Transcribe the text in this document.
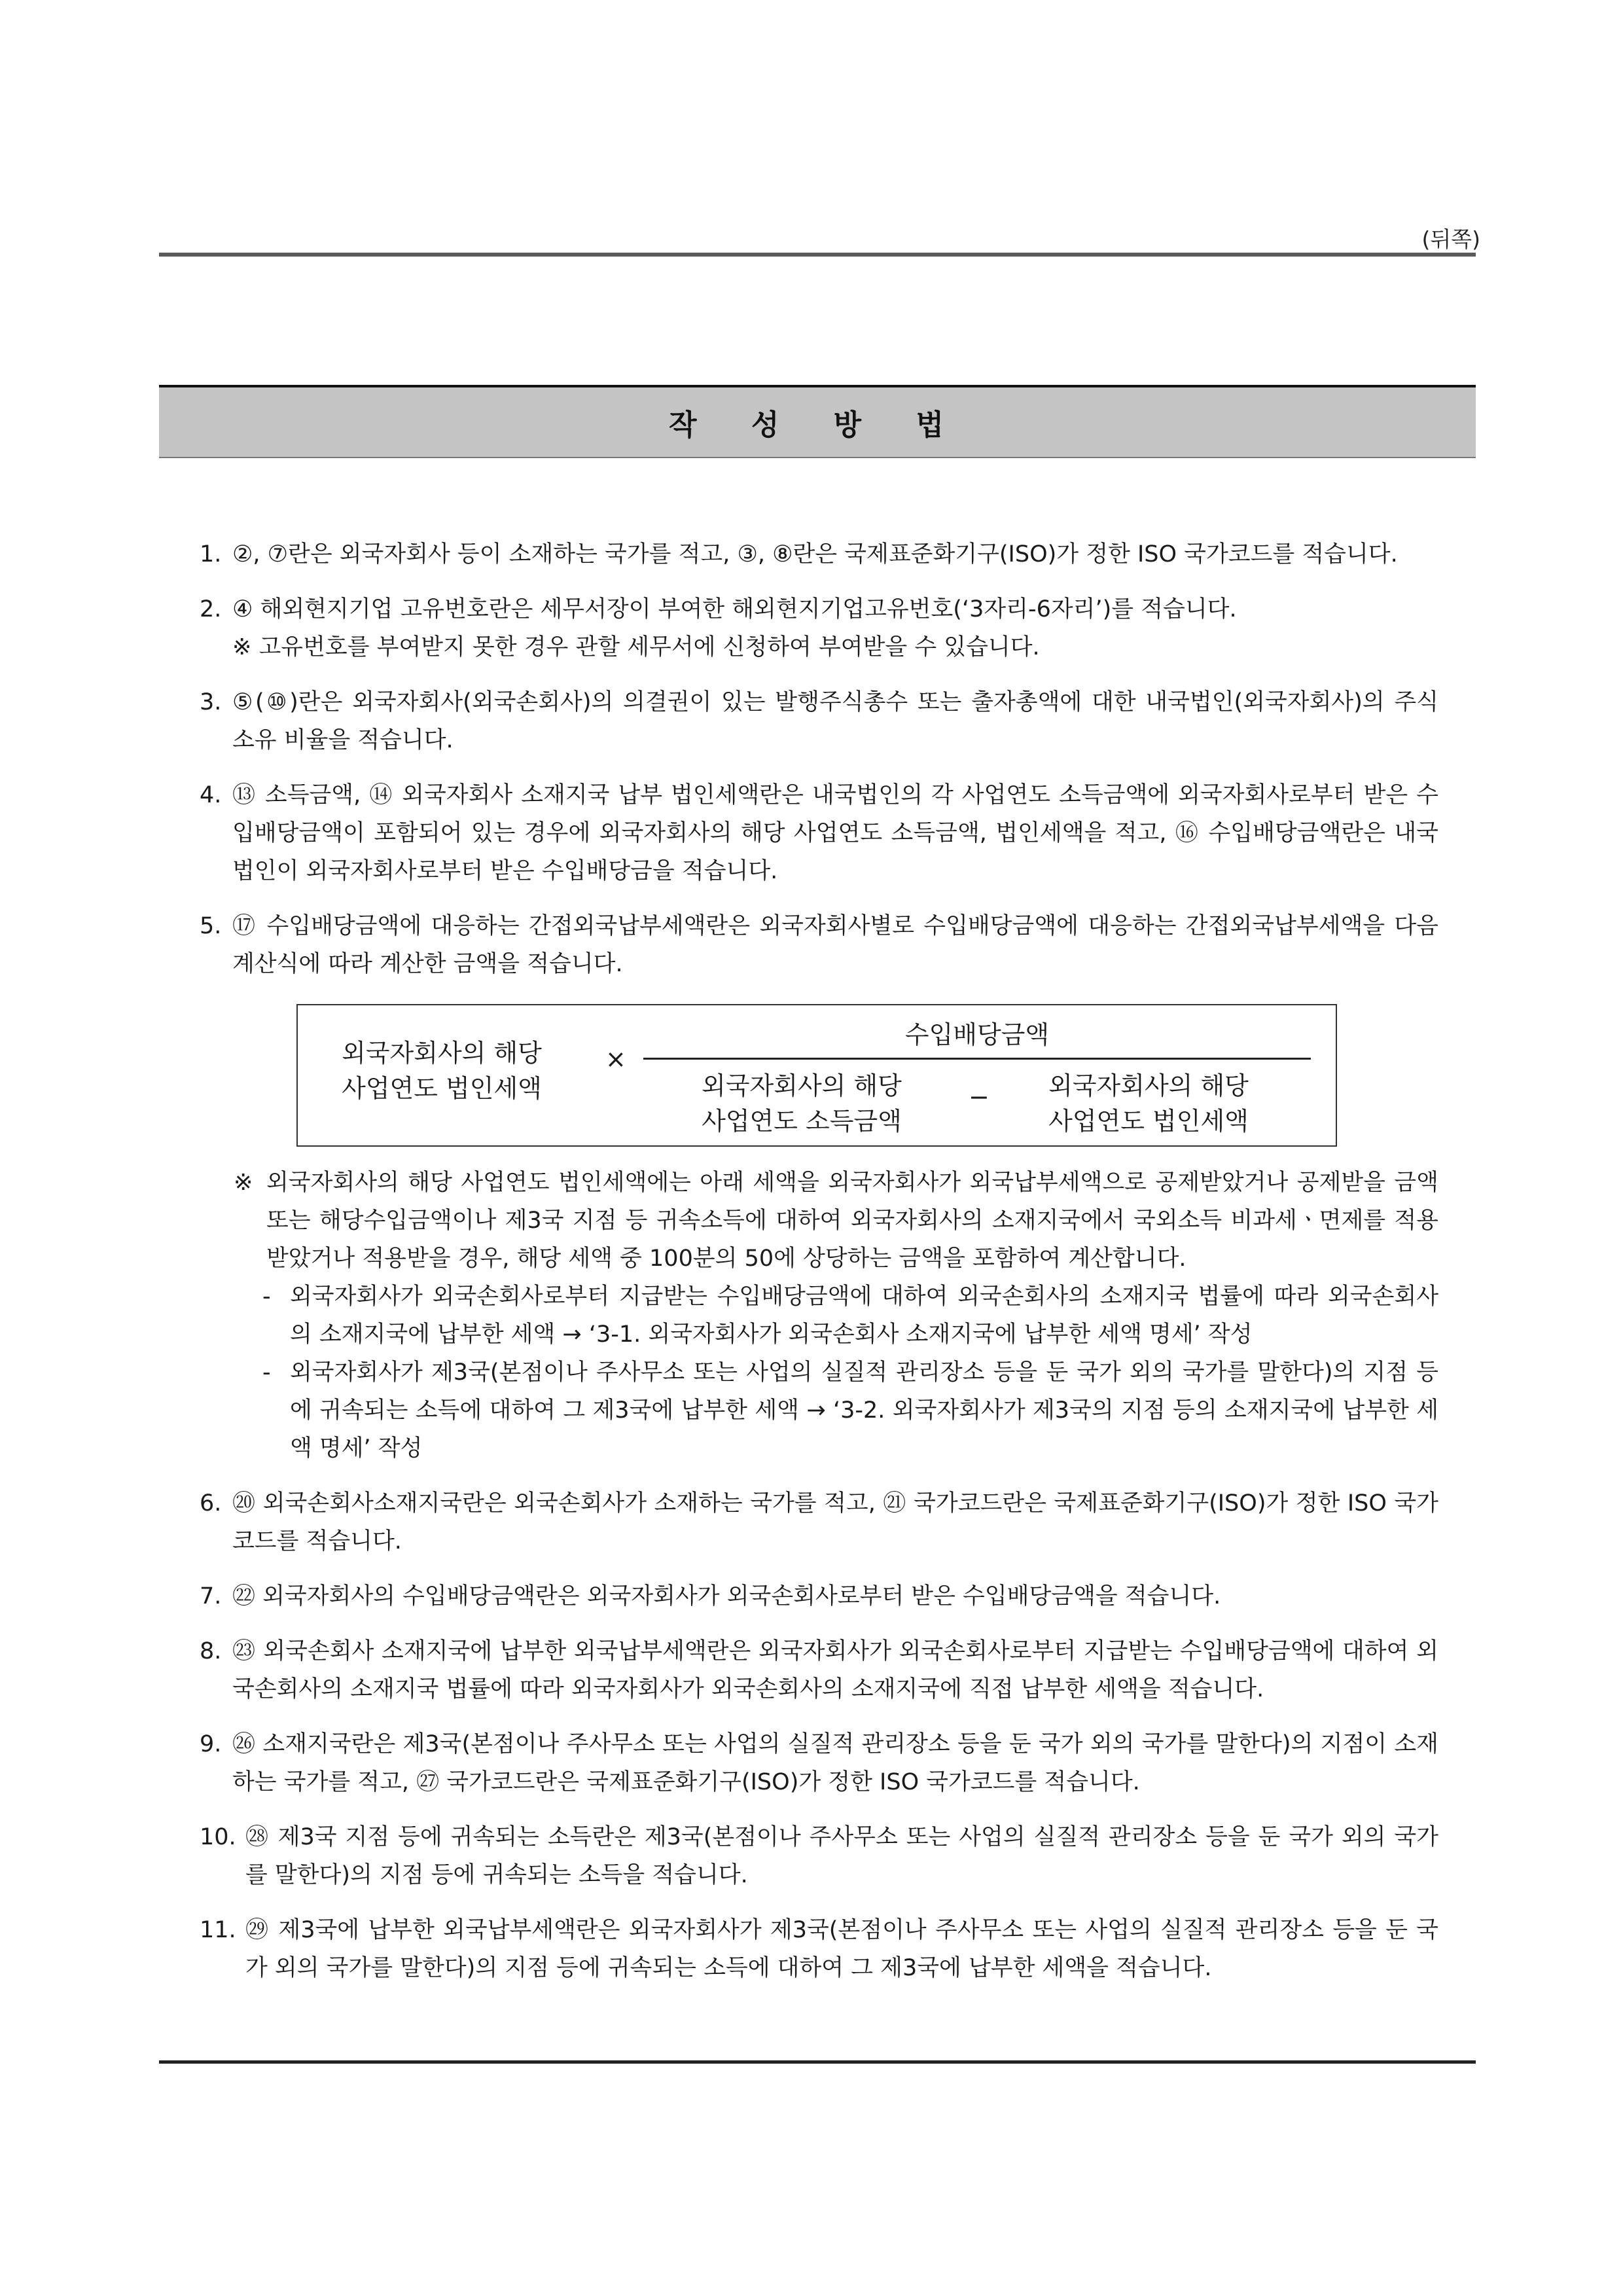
(뒤쪽)
작 성 방 법
1. ②, ⑦란은 외국자회사 등이 소재하는 국가를 적고, ③, ⑧란은 국제표준화기구(ISO)가 정한 ISO 국가코드를 적습니다.

2. ④ 해외현지기업 고유번호란은 세무서장이 부여한 해외현지기업고유번호(‘3자리-6자리’)를 적습니다.

※ 고유번호를 부여받지 못한 경우 관할 세무서에 신청하여 부여받을 수 있습니다.

3. ⑤(⑩)란은 외국자회사(외국손회사)의 의결권이 있는 발행주식총수 또는 출자총액에 대한 내국법인(외국자회사)의 주식 소유 비율을 적습니다.

4. ⑬ 소득금액, ⑭ 외국자회사 소재지국 납부 법인세액란은 내국법인의 각 사업연도 소득금액에 외국자회사로부터 받은 수입배당금액이 포함되어 있는 경우에 외국자회사의 해당 사업연도 소득금액, 법인세액을 적고, ⑯ 수입배당금액란은 내국법인이 외국자회사로부터 받은 수입배당금을 적습니다.

5. ⑰ 수입배당금액에 대응하는 간접외국납부세액란은 외국자회사별로 수입배당금액에 대응하는 간접외국납부세액을 다음 계산식에 따라 계산한 금액을 적습니다.

외국자회사의 해당
사업연도 법인세액
×
수입배당금액
외국자회사의 해당
사업연도 소득금액
−	외국자회사의 해당
사업연도 법인세액
※ 외국자회사의 해당 사업연도 법인세액에는 아래 세액을 외국자회사가 외국납부세액으로 공제받았거나 공제받을 금액 또는 해당수입금액이나 제3국 지점 등 귀속소득에 대하여 외국자회사의 소재지국에서 국외소득 비과세ㆍ면제를 적용받았거나 적용받을 경우, 해당 세액 중 100분의 50에 상당하는 금액을 포함하여 계산합니다.
- 외국자회사가 외국손회사로부터 지급받는 수입배당금액에 대하여 외국손회사의 소재지국 법률에 따라 외국손회사의 소재지국에 납부한 세액 → ‘3-1. 외국자회사가 외국손회사 소재지국에 납부한 세액 명세’ 작성
- 외국자회사가 제3국(본점이나 주사무소 또는 사업의 실질적 관리장소 등을 둔 국가 외의 국가를 말한다)의 지점 등에 귀속되는 소득에 대하여 그 제3국에 납부한 세액 → ‘3-2. 외국자회사가 제3국의 지점 등의 소재지국에 납부한 세액 명세’ 작성
6. ⑳ 외국손회사소재지국란은 외국손회사가 소재하는 국가를 적고, ㉑ 국가코드란은 국제표준화기구(ISO)가 정한 ISO 국가코드를 적습니다.

7. ㉒ 외국자회사의 수입배당금액란은 외국자회사가 외국손회사로부터 받은 수입배당금액을 적습니다.

8. ㉓ 외국손회사 소재지국에 납부한 외국납부세액란은 외국자회사가 외국손회사로부터 지급받는 수입배당금액에 대하여 외국손회사의 소재지국 법률에 따라 외국자회사가 외국손회사의 소재지국에 직접 납부한 세액을 적습니다.

9. ㉖ 소재지국란은 제3국(본점이나 주사무소 또는 사업의 실질적 관리장소 등을 둔 국가 외의 국가를 말한다)의 지점이 소재하는 국가를 적고, ㉗ 국가코드란은 국제표준화기구(ISO)가 정한 ISO 국가코드를 적습니다.

10. ㉘ 제3국 지점 등에 귀속되는 소득란은 제3국(본점이나 주사무소 또는 사업의 실질적 관리장소 등을 둔 국가 외의 국가를 말한다)의 지점 등에 귀속되는 소득을 적습니다.

11. ㉙ 제3국에 납부한 외국납부세액란은 외국자회사가 제3국(본점이나 주사무소 또는 사업의 실질적 관리장소 등을 둔 국가 외의 국가를 말한다)의 지점 등에 귀속되는 소득에 대하여 그 제3국에 납부한 세액을 적습니다.
